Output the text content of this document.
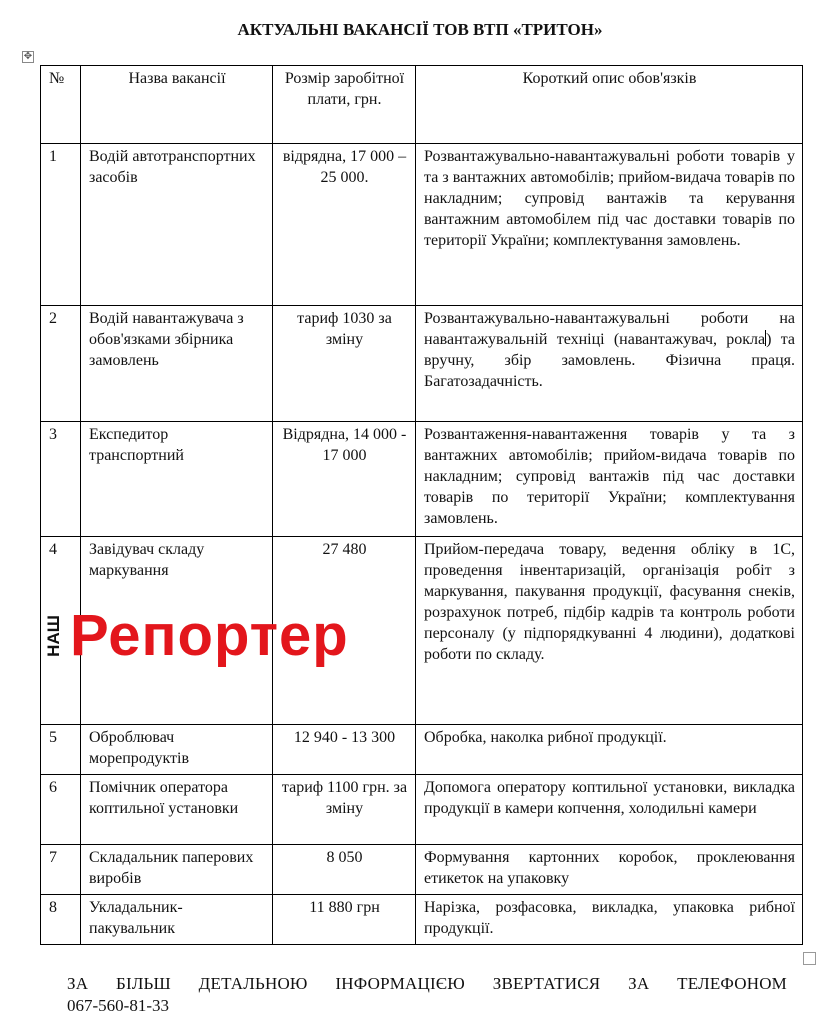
АКТУАЛЬНІ ВАКАНСІЇ ТОВ ВТП «ТРИТОН»
✥
№	Назва вакансії	Розмір заробітної плати, грн.	Короткий опис обов'язків
1	Водій автотранспортних засобів	відрядна, 17 000 – 25 000.	Розвантажувально-навантажувальні роботи товарів у та з вантажних автомобілів; прийом-видача товарів по накладним; супровід вантажів та керування вантажним автомобілем під час доставки товарів по території України; комплектування замовлень.
2	Водій навантажувача з обов'язками збірника замовлень	тариф 1030 за зміну	Розвантажувально-навантажувальні роботи на навантажувальній техніці (навантажувач, рокла) та вручну, збір замовлень. Фізична праця. Багатозадачність.
3	Експедитор транспортний	Відрядна, 14 000 - 17 000	Розвантаження-навантаження товарів у та з вантажних автомобілів; прийом-видача товарів по накладним; супровід вантажів під час доставки товарів по території України; комплектування замовлень.
4	Завідувач складу маркування	27 480	Прийом-передача товару, ведення обліку в 1С, проведення інвентаризацій, організація робіт з маркування, пакування продукції, фасування снеків, розрахунок потреб, підбір кадрів та контроль роботи персоналу (у підпорядкуванні 4 людини), додаткові роботи по складу.
5	Оброблювач морепродуктів	12 940 - 13 300	Обробка, наколка рибної продукції.
6	Помічник оператора коптильної установки	тариф 1100 грн. за зміну	Допомога оператору коптильної установки, викладка продукції в камери копчення, холодильні камери
7	Складальник паперових виробів	8 050	Формування картонних коробок, проклеювання етикеток на упаковку
8	Укладальник-пакувальник	11 880 грн	Нарізка, розфасовка, викладка, упаковка рибної продукції.
НАШ Репортер
ЗА БІЛЬШ ДЕТАЛЬНОЮ ІНФОРМАЦІЄЮ ЗВЕРТАТИСЯ ЗА ТЕЛЕФОНОМ
067-560-81-33
